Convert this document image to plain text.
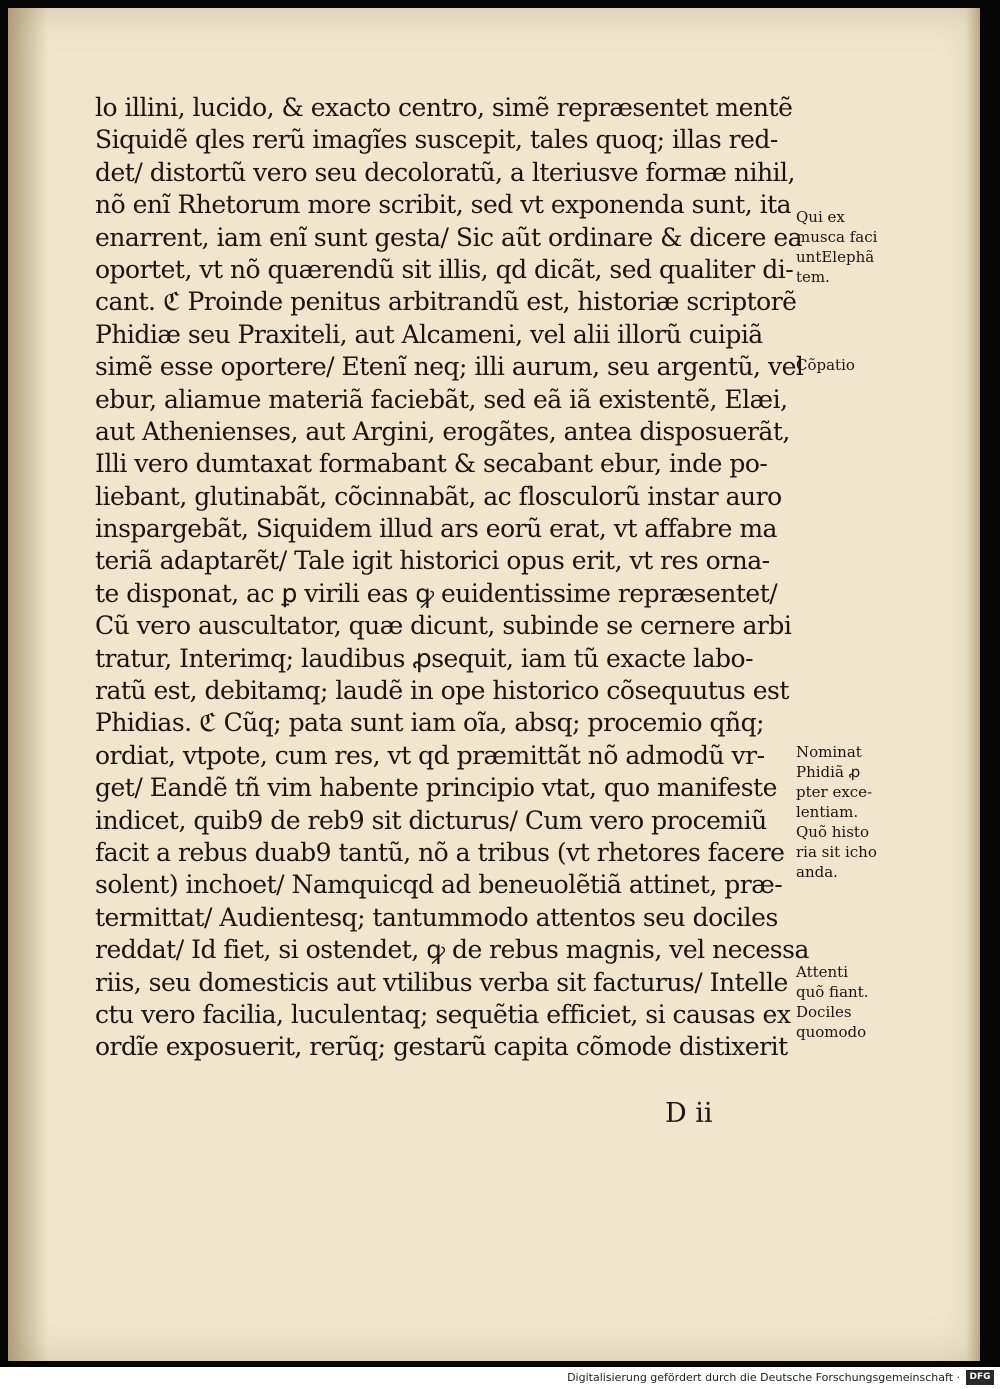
lo illini, lucido, & exacto centro, simẽ repræsentet mentẽ
Siquidẽ qles rerũ imagĩes suscepit, tales quoq; illas red-
det/ distortũ vero seu decoloratũ, a lteriusve formæ nihil,
nõ enĩ Rhetorum more scribit, sed vt exponenda sunt, ita
enarrent, iam enĩ sunt gesta/ Sic aũt ordinare & dicere ea
oportet, vt nõ quærendũ sit illis, qd dicãt, sed qualiter di-
cant. ℭ Proinde penitus arbitrandũ est, historiæ scriptorẽ
Phidiæ seu Praxiteli, aut Alcameni, vel alii illorũ cuipiã
simẽ esse oportere/ Etenĩ neq; illi aurum, seu argentũ, vel
ebur, aliamue materiã faciebãt, sed eã iã existentẽ, Elæi,
aut Athenienses, aut Argini, erogãtes, antea disposuerãt,
Illi vero dumtaxat formabant & secabant ebur, inde po-
liebant, glutinabãt, cõcinnabãt, ac flosculorũ instar auro
inspargebãt, Siquidem illud ars eorũ erat, vt affabre ma
teriã adaptarẽt/ Tale igit historici opus erit, vt res orna-
te disponat, ac ꝑ virili eas ꝙ euidentissime repræsentet/
Cũ vero auscultator, quæ dicunt, subinde se cernere arbi
tratur, Interimq; laudibus ꝓsequit, iam tũ exacte labo-
ratũ est, debitamq; laudẽ in ope historico cõsequutus est
Phidias. ℭ Cũq; pata sunt iam oĩa, absq; procemio qñq;
ordiat, vtpote, cum res, vt qd præmittãt nõ admodũ vr-
get/ Eandẽ tñ vim habente principio vtat, quo manifeste
indicet, quib9 de reb9 sit dicturus/ Cum vero procemiũ
facit a rebus duab9 tantũ, nõ a tribus (vt rhetores facere
solent) inchoet/ Namquicqd ad beneuolẽtiã attinet, præ-
termittat/ Audientesq; tantummodo attentos seu dociles
reddat/ Id fiet, si ostendet, ꝙ de rebus magnis, vel necessa
riis, seu domesticis aut vtilibus verba sit facturus/ Intelle
ctu vero facilia, luculentaq; sequẽtia efficiet, si causas ex
ordĩe exposuerit, rerũq; gestarũ capita cõmode distixerit
Qui ex
musca faci
untElephã
tem.
Cõpatio
Nominat
Phidiã ꝓ
pter exce-
lentiam.
Quõ histo
ria sit icho
anda.
Attenti
quõ fiant.
Dociles
quomodo
D ii
Digitalisierung gefördert durch die Deutsche Forschungsgemeinschaft ·	DFG
